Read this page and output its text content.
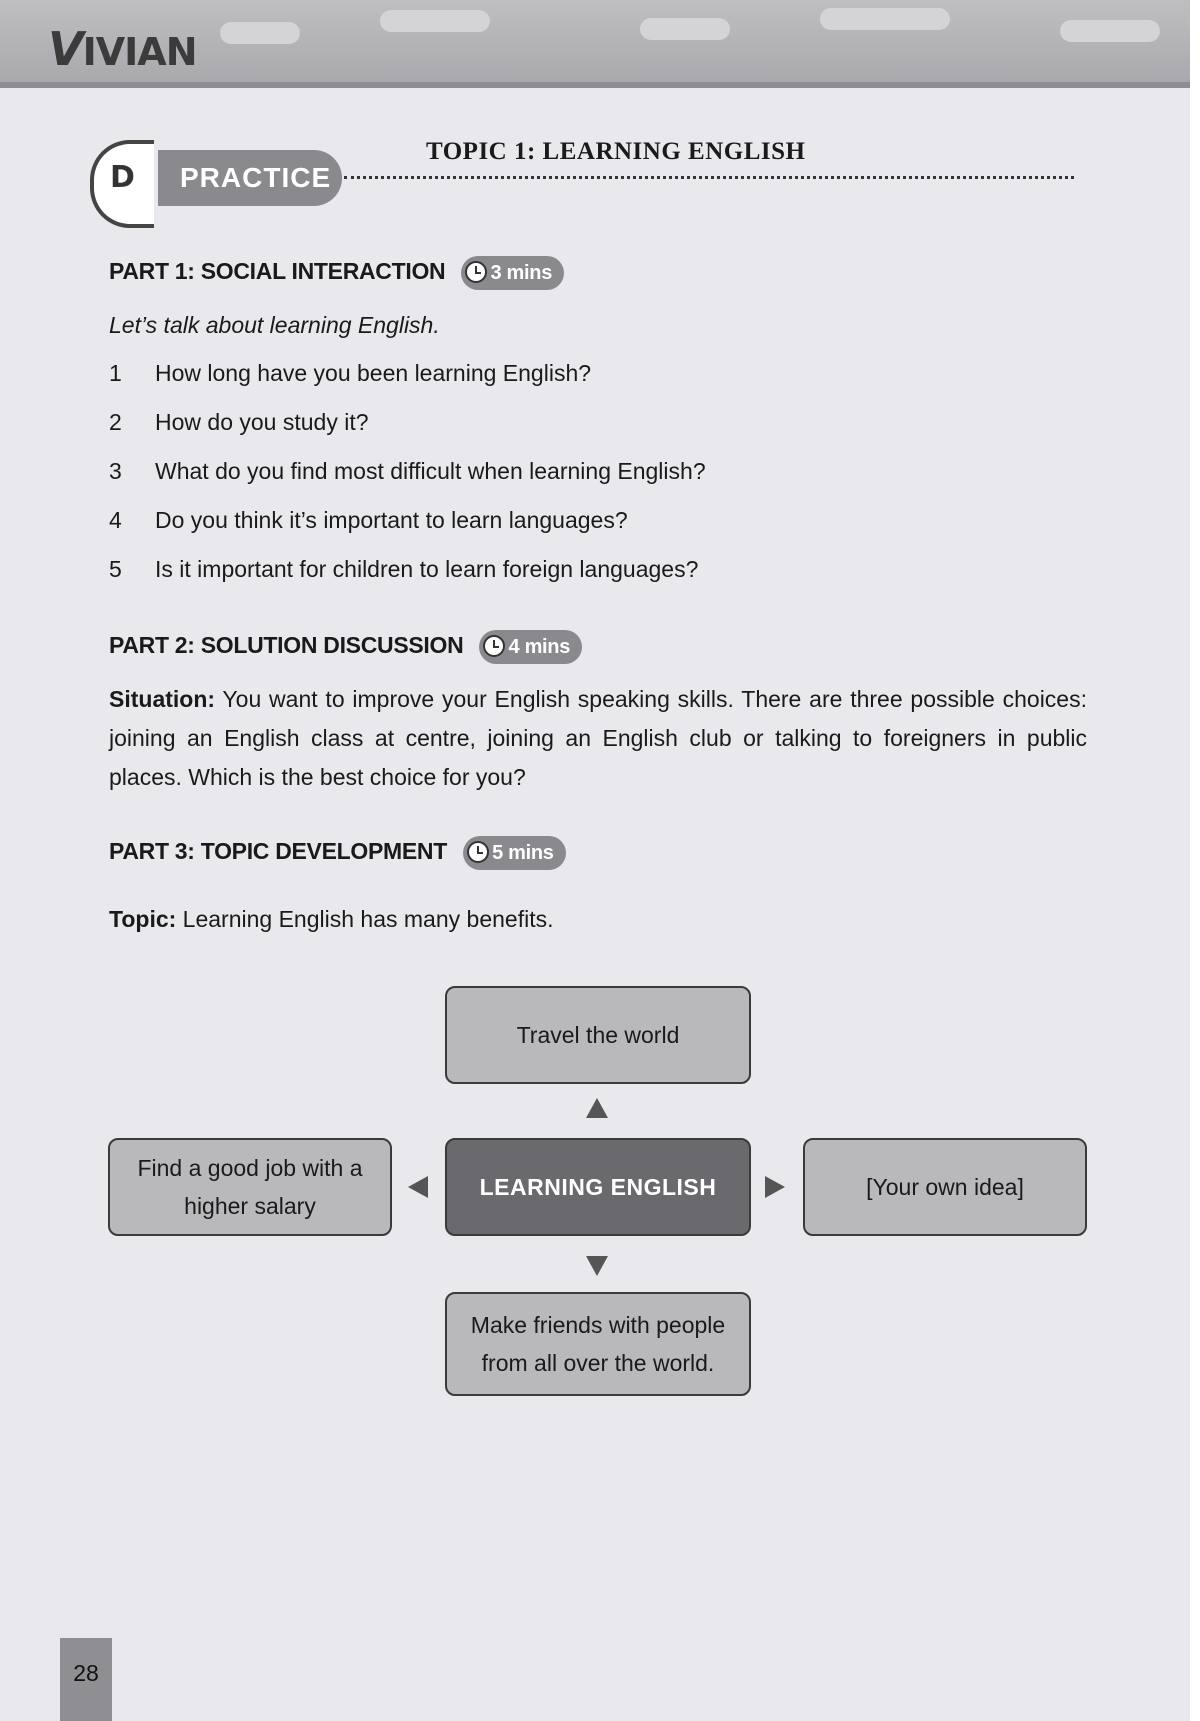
VIVIAN
D	PRACTICE
TOPIC 1: LEARNING ENGLISH
PART 1: SOCIAL INTERACTION 3 mins
Let’s talk about learning English.
1 How long have you been learning English?
2 How do you study it?
3 What do you find most difficult when learning English?
4 Do you think it’s important to learn languages?
5 Is it important for children to learn foreign languages?
PART 2: SOLUTION DISCUSSION 4 mins
Situation: You want to improve your English speaking skills. There are three possible choices: joining an English class at centre, joining an English club or talking to foreigners in public places. Which is the best choice for you?
PART 3: TOPIC DEVELOPMENT 5 mins
Topic: Learning English has many benefits.
Travel the world
LEARNING ENGLISH
Find a good job with a
higher salary
[Your own idea]
Make friends with people
from all over the world.
28
